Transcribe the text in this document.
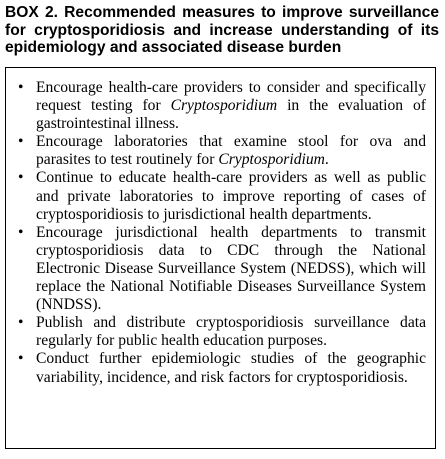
BOX 2. Recommended measures to improve surveillance for cryptosporidiosis and increase understanding of its epidemiology and associated disease burden
• Encourage health-care providers to consider and specifically request testing for Cryptosporidium in the evaluation of gastrointestinal illness.
• Encourage laboratories that examine stool for ova and parasites to test routinely for Cryptosporidium.
• Continue to educate health-care providers as well as public and private laboratories to improve reporting of cases of cryptosporidiosis to jurisdictional health departments.
• Encourage jurisdictional health departments to transmit cryptosporidiosis data to CDC through the National Electronic Disease Surveillance System (NEDSS), which will replace the National Notifiable Diseases Surveillance System (NNDSS).
• Publish and distribute cryptosporidiosis surveillance data regularly for public health education purposes.
• Conduct further epidemiologic studies of the geographic variability, incidence, and risk factors for cryptosporidiosis.
